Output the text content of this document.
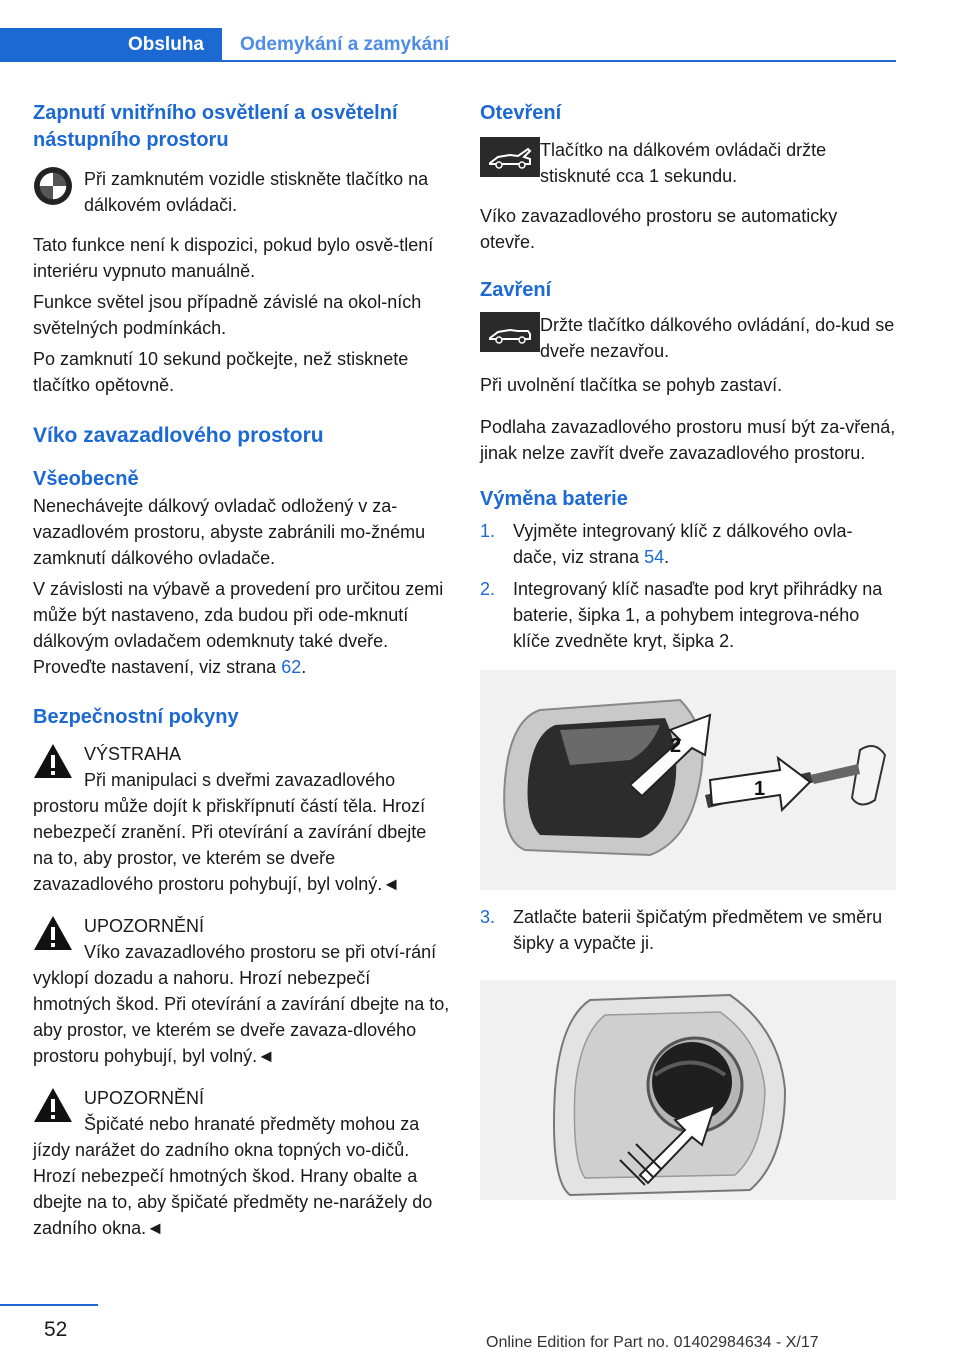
Obsluha	Odemykání a zamykání
Zapnutí vnitřního osvětlení a osvětelní nástupního prostoru
Při zamknutém vozidle stiskněte tlačítko na dálkovém ovládači.

Tato funkce není k dispozici, pokud bylo osvě‐tlení interiéru vypnuto manuálně.

Funkce světel jsou případně závislé na okol‐ních světelných podmínkách.

Po zamknutí 10 sekund počkejte, než stisknete tlačítko opětovně.

Víko zavazadlového prostoru
Všeobecně

Nenechávejte dálkový ovladač odložený v za‐vazadlovém prostoru, abyste zabránili mo‐žnému zamknutí dálkového ovladače.

V závislosti na výbavě a provedení pro určitou zemi může být nastaveno, zda budou při ode‐mknutí dálkovým ovladačem odemknuty také dveře. Proveďte nastavení, viz strana 62.

Bezpečnostní pokyny
VÝSTRAHA

Při manipulaci s dveřmi zavazadlového prostoru může dojít k přiskřípnutí částí těla. Hrozí nebezpečí zranění. Při otevírání a zavírání dbejte na to, aby prostor, ve kterém se dveře zavazadlového prostoru pohybují, byl volný.◄

UPOZORNĚNÍ

Víko zavazadlového prostoru se při otví‐rání vyklopí dozadu a nahoru. Hrozí nebezpečí hmotných škod. Při otevírání a zavírání dbejte na to, aby prostor, ve kterém se dveře zavaza‐dlového prostoru pohybují, byl volný.◄

UPOZORNĚNÍ

Špičaté nebo hranaté předměty mohou za jízdy narážet do zadního okna topných vo‐dičů. Hrozí nebezpečí hmotných škod. Hrany obalte a dbejte na to, aby špičaté předměty ne‐narážely do zadního okna.◄

Otevření
Tlačítko na dálkovém ovládači držte stisknuté cca 1 sekundu.

Víko zavazadlového prostoru se automaticky otevře.

Zavření
Držte tlačítko dálkového ovládání, do‐kud se dveře nezavřou.

Při uvolnění tlačítka se pohyb zastaví.

Podlaha zavazadlového prostoru musí být za‐vřená, jinak nelze zavřít dveře zavazadlového prostoru.

Výměna baterie
1. Vyjměte integrovaný klíč z dálkového ovla‐dače, viz strana 54.
2. Integrovaný klíč nasaďte pod kryt přihrádky na baterie, šipka 1, a pohybem integrova‐ného klíče zvedněte kryt, šipka 2.
1
2
3. Zatlačte baterii špičatým předmětem ve směru šipky a vypačte ji.
52
Online Edition for Part no. 01402984634 - X/17
